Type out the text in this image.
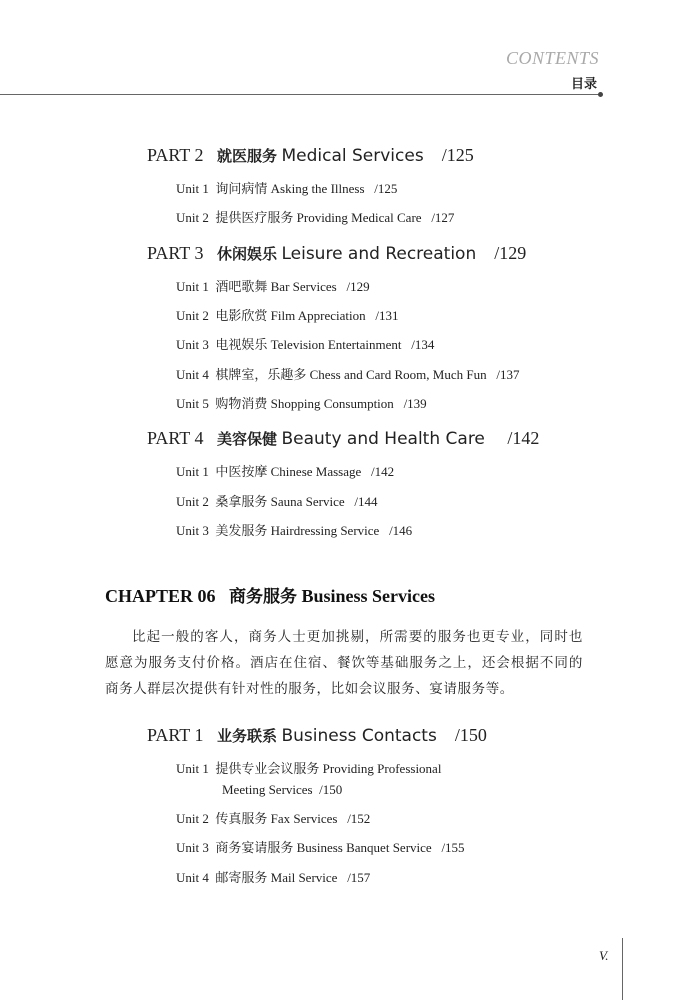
CONTENTS
目录
PART 2 就医服务 Medical Services /125
Unit 1 询问病情 Asking the Illness /125
Unit 2 提供医疗服务 Providing Medical Care /127
PART 3 休闲娱乐 Leisure and Recreation /129
Unit 1 酒吧歌舞 Bar Services /129
Unit 2 电影欣赏 Film Appreciation /131
Unit 3 电视娱乐 Television Entertainment /134
Unit 4 棋牌室，乐趣多 Chess and Card Room, Much Fun /137
Unit 5 购物消费 Shopping Consumption /139
PART 4 美容保健 Beauty and Health Care /142
Unit 1 中医按摩 Chinese Massage /142
Unit 2 桑拿服务 Sauna Service /144
Unit 3 美发服务 Hairdressing Service /146
CHAPTER 06 商务服务 Business Services
比起一般的客人，商务人士更加挑剔，所需要的服务也更专业，同时也愿意为服务支付价格。酒店在住宿、餐饮等基础服务之上，还会根据不同的商务人群层次提供有针对性的服务，比如会议服务、宴请服务等。
PART 1 业务联系 Business Contacts /150
Unit 1 提供专业会议服务 Providing Professional
Meeting Services /150
Unit 2 传真服务 Fax Services /152
Unit 3 商务宴请服务 Business Banquet Service /155
Unit 4 邮寄服务 Mail Service /157
V.
